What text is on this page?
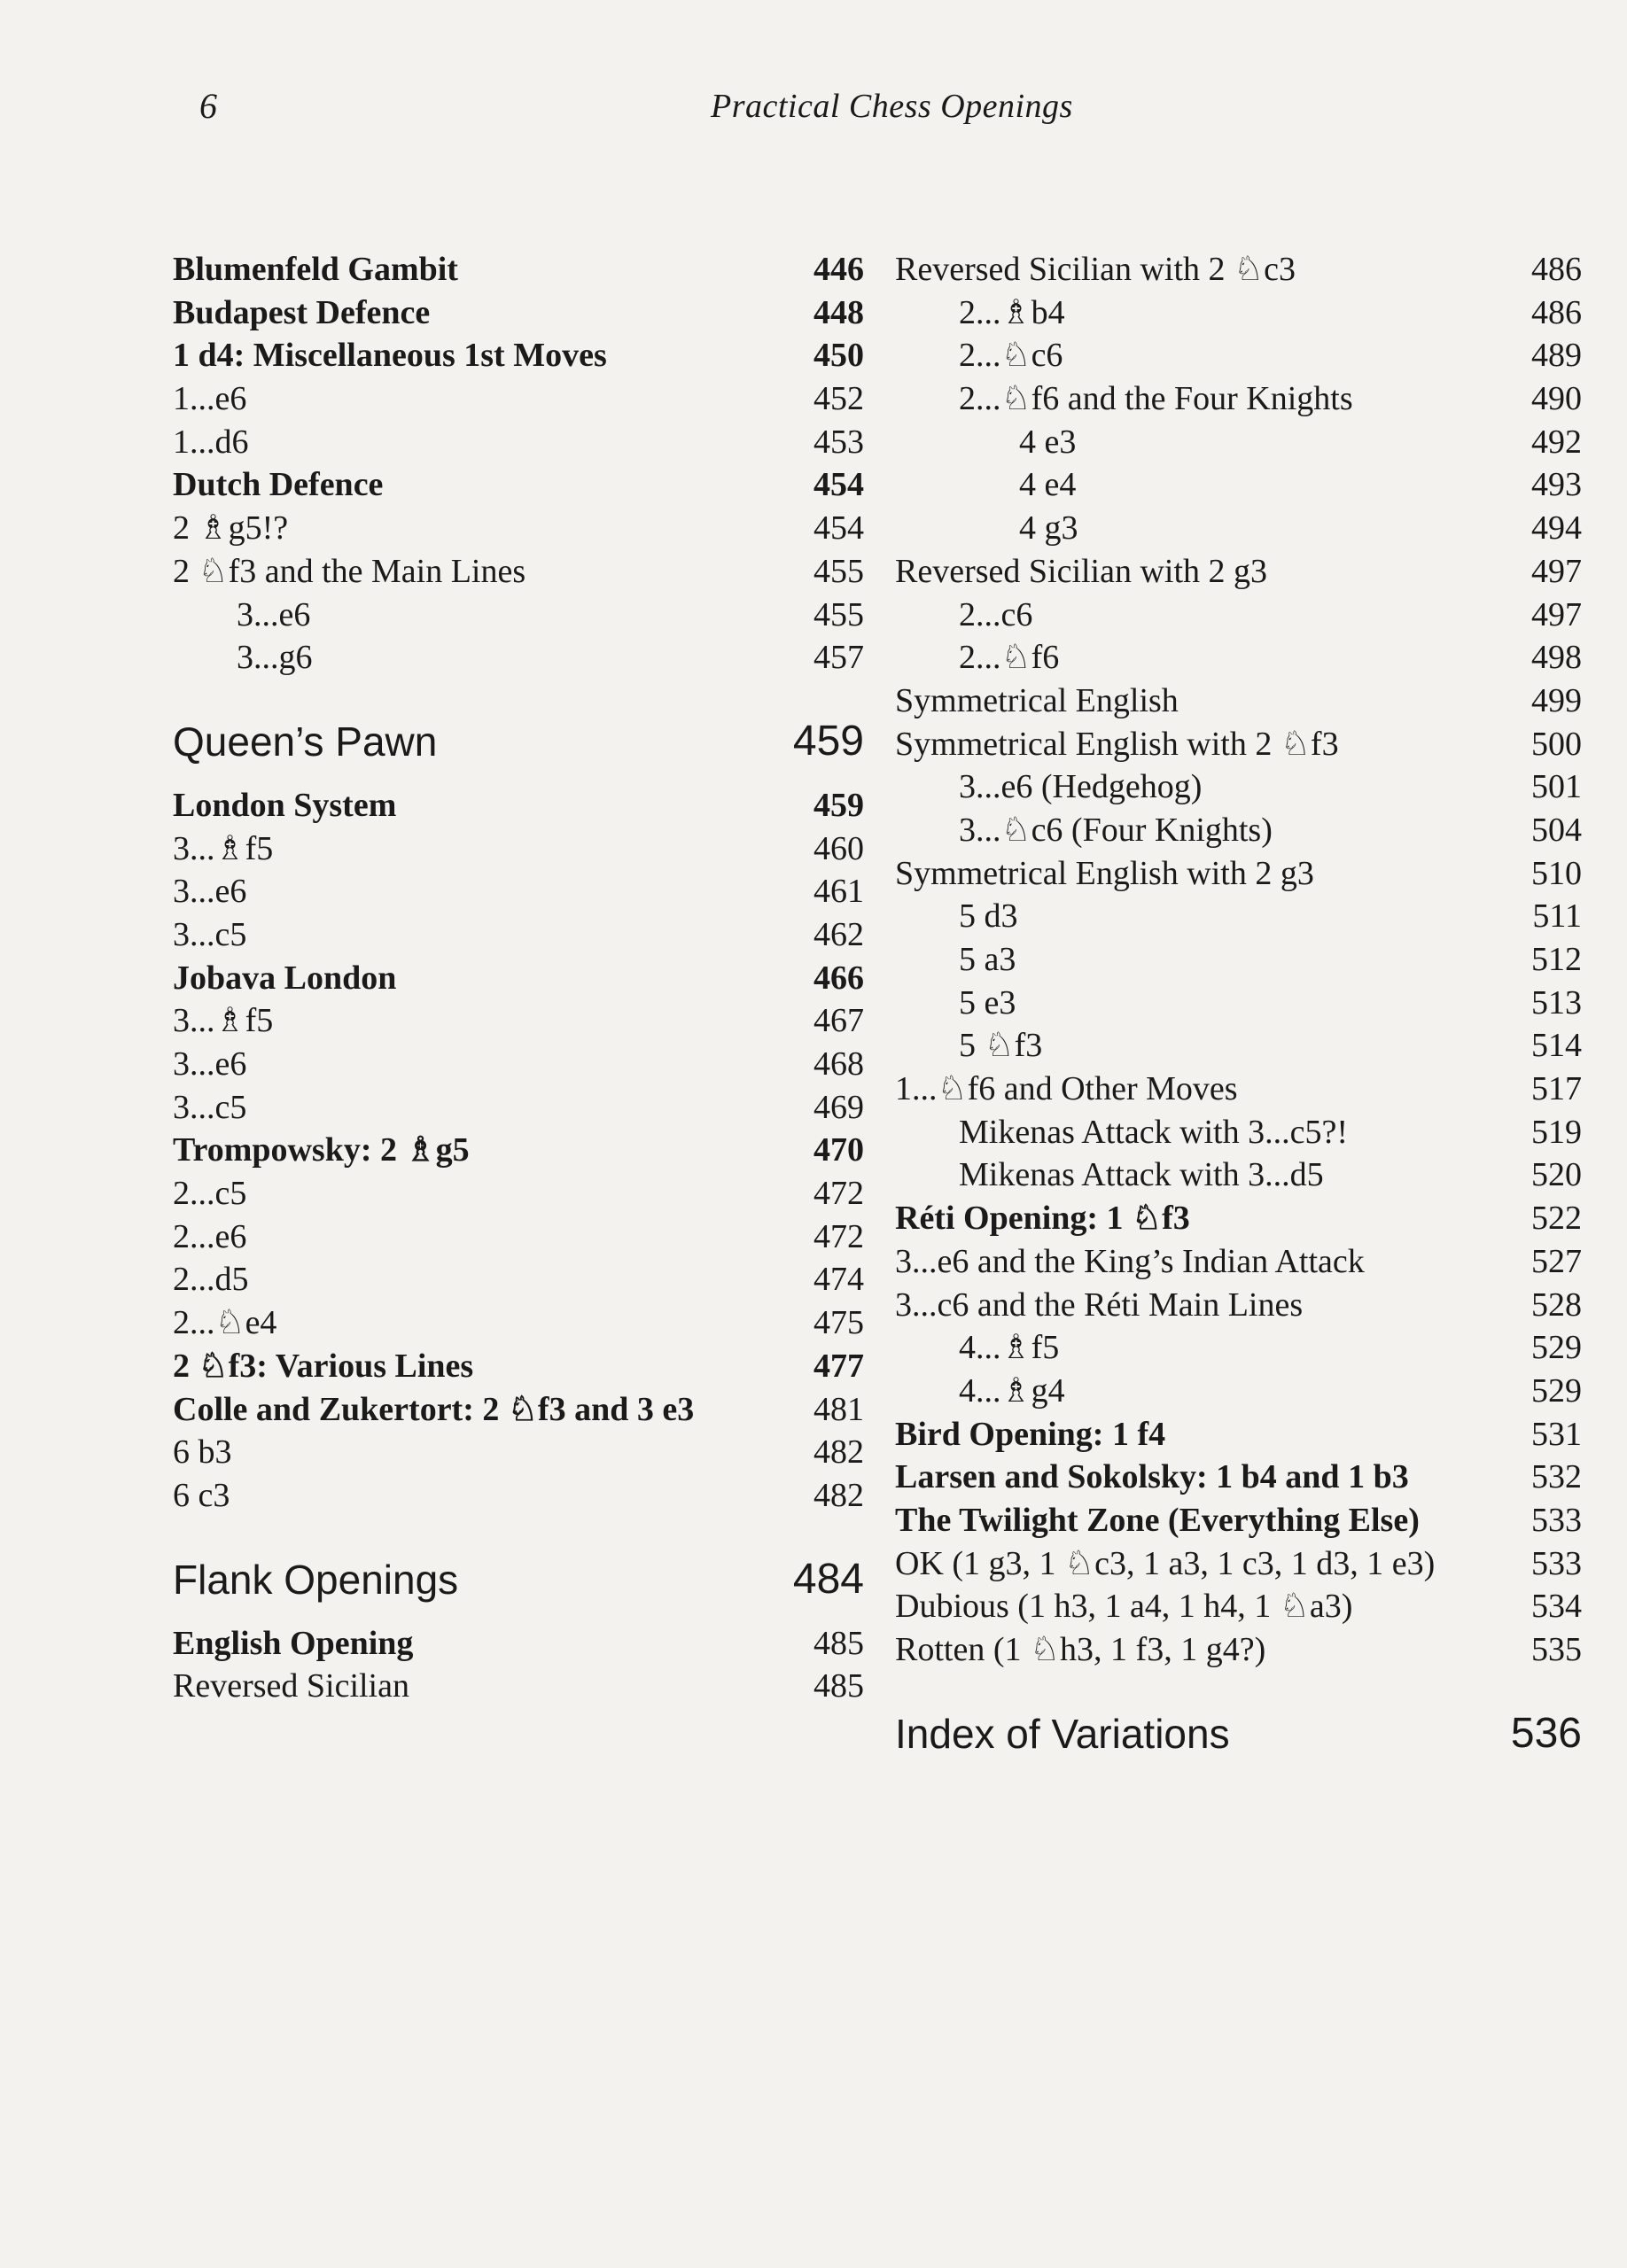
6	Practical Chess Openings
Blumenfeld Gambit	446
Budapest Defence	448
1 d4: Miscellaneous 1st Moves	450
1...e6	452
1...d6	453
Dutch Defence	454
2 ♗g5!?	454
2 ♘f3 and the Main Lines	455
3...e6	455
3...g6	457
Queen’s Pawn	459
London System	459
3...♗f5	460
3...e6	461
3...c5	462
Jobava London	466
3...♗f5	467
3...e6	468
3...c5	469
Trompowsky: 2 ♗g5	470
2...c5	472
2...e6	472
2...d5	474
2...♘e4	475
2 ♘f3: Various Lines	477
Colle and Zukertort: 2 ♘f3 and 3 e3	481
6 b3	482
6 c3	482
Flank Openings	484
English Opening	485
Reversed Sicilian	485
Reversed Sicilian with 2 ♘c3	486
2...♗b4	486
2...♘c6	489
2...♘f6 and the Four Knights	490
4 e3	492
4 e4	493
4 g3	494
Reversed Sicilian with 2 g3	497
2...c6	497
2...♘f6	498
Symmetrical English	499
Symmetrical English with 2 ♘f3	500
3...e6 (Hedgehog)	501
3...♘c6 (Four Knights)	504
Symmetrical English with 2 g3	510
5 d3	511
5 a3	512
5 e3	513
5 ♘f3	514
1...♘f6 and Other Moves	517
Mikenas Attack with 3...c5?!	519
Mikenas Attack with 3...d5	520
Réti Opening: 1 ♘f3	522
3...e6 and the King’s Indian Attack	527
3...c6 and the Réti Main Lines	528
4...♗f5	529
4...♗g4	529
Bird Opening: 1 f4	531
Larsen and Sokolsky: 1 b4 and 1 b3	532
The Twilight Zone (Everything Else)	533
OK (1 g3, 1 ♘c3, 1 a3, 1 c3, 1 d3, 1 e3)	533
Dubious (1 h3, 1 a4, 1 h4, 1 ♘a3)	534
Rotten (1 ♘h3, 1 f3, 1 g4?)	535
Index of Variations	536
